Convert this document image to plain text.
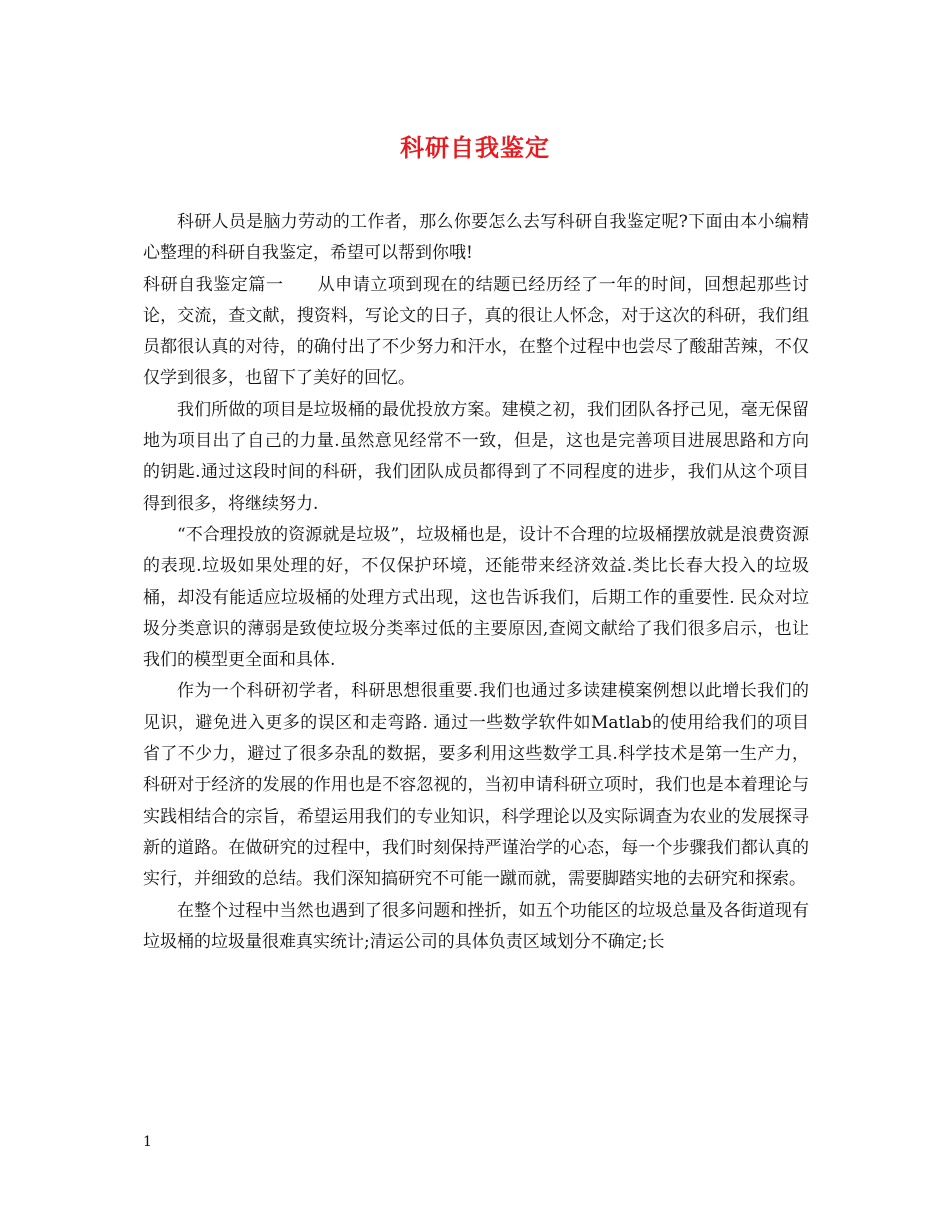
科研自我鉴定

科研人员是脑力劳动的工作者，那么你要怎么去写科研自我鉴定呢?下面由本小编精心整理的科研自我鉴定，希望可以帮到你哦!

科研自我鉴定篇一 从申请立项到现在的结题已经历经了一年的时间，回想起那些讨论，交流，查文献，搜资料，写论文的日子，真的很让人怀念，对于这次的科研，我们组员都很认真的对待，的确付出了不少努力和汗水，在整个过程中也尝尽了酸甜苦辣，不仅仅学到很多，也留下了美好的回忆。

我们所做的项目是垃圾桶的最优投放方案。建模之初，我们团队各抒己见，毫无保留地为项目出了自己的力量.虽然意见经常不一致，但是，这也是完善项目进展思路和方向的钥匙.通过这段时间的科研，我们团队成员都得到了不同程度的进步，我们从这个项目得到很多，将继续努力.

“不合理投放的资源就是垃圾”，垃圾桶也是，设计不合理的垃圾桶摆放就是浪费资源的表现.垃圾如果处理的好，不仅保护环境，还能带来经济效益.类比长春大投入的垃圾桶，却没有能适应垃圾桶的处理方式出现，这也告诉我们，后期工作的重要性. 民众对垃圾分类意识的薄弱是致使垃圾分类率过低的主要原因,查阅文献给了我们很多启示，也让我们的模型更全面和具体.

作为一个科研初学者，科研思想很重要.我们也通过多读建模案例想以此增长我们的见识，避免进入更多的误区和走弯路. 通过一些数学软件如Matlab的使用给我们的项目省了不少力，避过了很多杂乱的数据，要多利用这些数学工具.科学技术是第一生产力，科研对于经济的发展的作用也是不容忽视的，当初申请科研立项时，我们也是本着理论与实践相结合的宗旨，希望运用我们的专业知识，科学理论以及实际调查为农业的发展探寻新的道路。在做研究的过程中，我们时刻保持严谨治学的心态，每一个步骤我们都认真的实行，并细致的总结。我们深知搞研究不可能一蹴而就，需要脚踏实地的去研究和探索。

在整个过程中当然也遇到了很多问题和挫折，如五个功能区的垃圾总量及各街道现有垃圾桶的垃圾量很难真实统计;清运公司的具体负责区域划分不确定;长

1
